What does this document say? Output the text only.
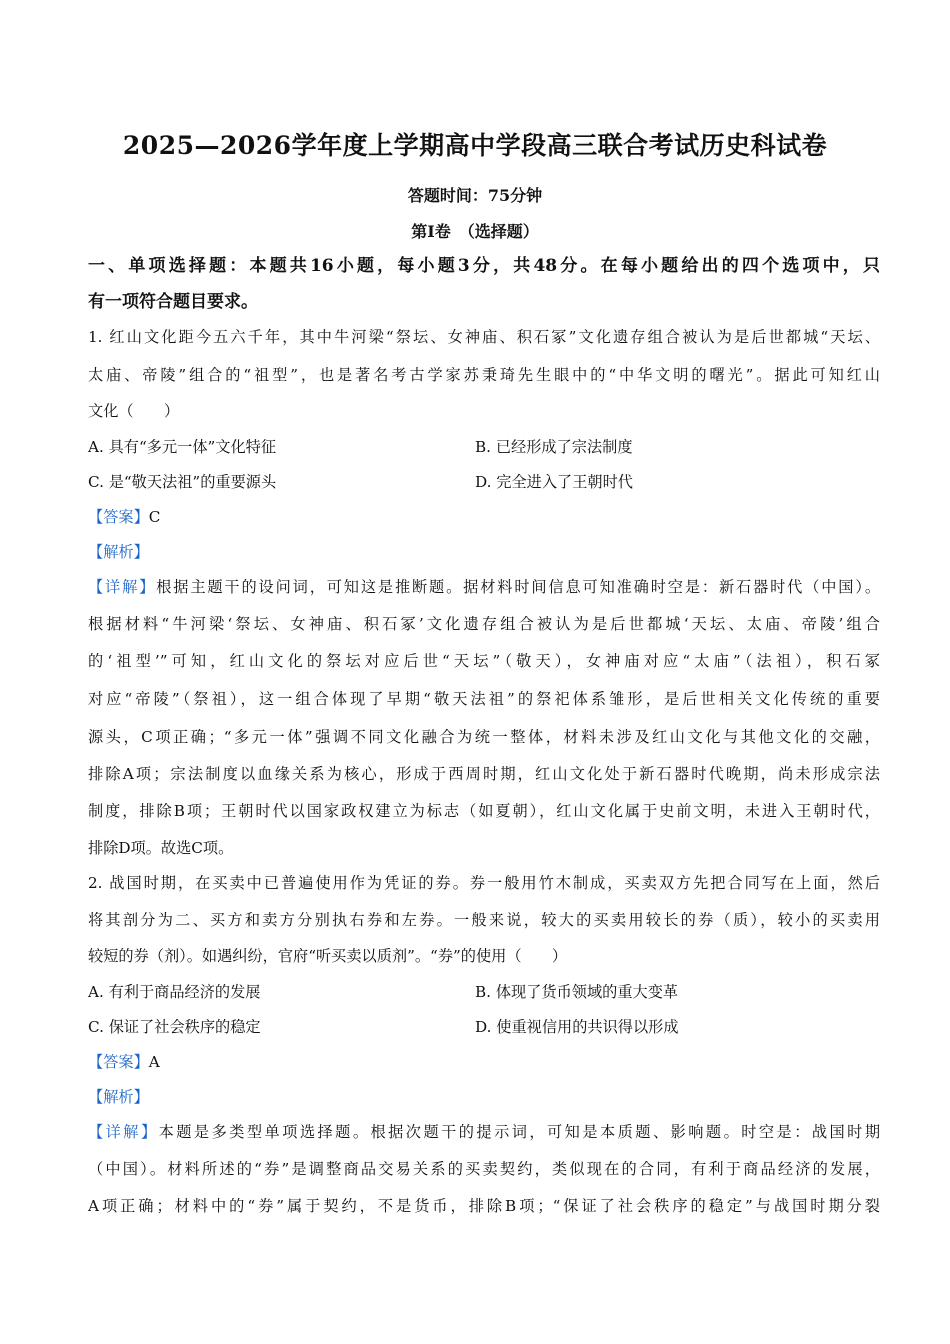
2025—2026学年度上学期高中学段高三联合考试历史科试卷
答题时间：75分钟
第Ⅰ卷　（选择题）
一、单项选择题：本题共16小题，每小题3分，共48分。在每小题给出的四个选项中，只
有一项符合题目要求。
1. 红山文化距今五六千年，其中牛河梁“祭坛、女神庙、积石冢”文化遗存组合被认为是后世都城“天坛、
太庙、帝陵”组合的“祖型”，也是著名考古学家苏秉琦先生眼中的“中华文明的曙光”。据此可知红山
文化（　　）
A. 具有“多元一体”文化特征	B. 已经形成了宗法制度
C. 是“敬天法祖”的重要源头	D. 完全进入了王朝时代
【答案】C
【解析】
【详解】根据主题干的设问词，可知这是推断题。据材料时间信息可知准确时空是：新石器时代（中国）。
根据材料“牛河梁‘祭坛、女神庙、积石冢’文化遗存组合被认为是后世都城‘天坛、太庙、帝陵’组合
的‘祖型’”可知，红山文化的祭坛对应后世“天坛”（敬天），女神庙对应“太庙”（法祖），积石冢
对应“帝陵”（祭祖），这一组合体现了早期“敬天法祖”的祭祀体系雏形，是后世相关文化传统的重要
源头，C项正确；“多元一体”强调不同文化融合为统一整体，材料未涉及红山文化与其他文化的交融，
排除A项；宗法制度以血缘关系为核心，形成于西周时期，红山文化处于新石器时代晚期，尚未形成宗法
制度，排除B项；王朝时代以国家政权建立为标志（如夏朝），红山文化属于史前文明，未进入王朝时代，
排除D项。故选C项。
2. 战国时期，在买卖中已普遍使用作为凭证的券。券一般用竹木制成，买卖双方先把合同写在上面，然后
将其剖分为二、买方和卖方分别执右券和左券。一般来说，较大的买卖用较长的券（质），较小的买卖用
较短的券（剂）。如遇纠纷，官府“听买卖以质剂”。“券”的使用（　　）
A. 有利于商品经济的发展	B. 体现了货币领域的重大变革
C. 保证了社会秩序的稳定	D. 使重视信用的共识得以形成
【答案】A
【解析】
【详解】本题是多类型单项选择题。根据次题干的提示词，可知是本质题、影响题。时空是：战国时期
（中国）。材料所述的“券”是调整商品交易关系的买卖契约，类似现在的合同，有利于商品经济的发展，
A项正确；材料中的“券”属于契约，不是货币，排除B项；“保证了社会秩序的稳定”与战国时期分裂
